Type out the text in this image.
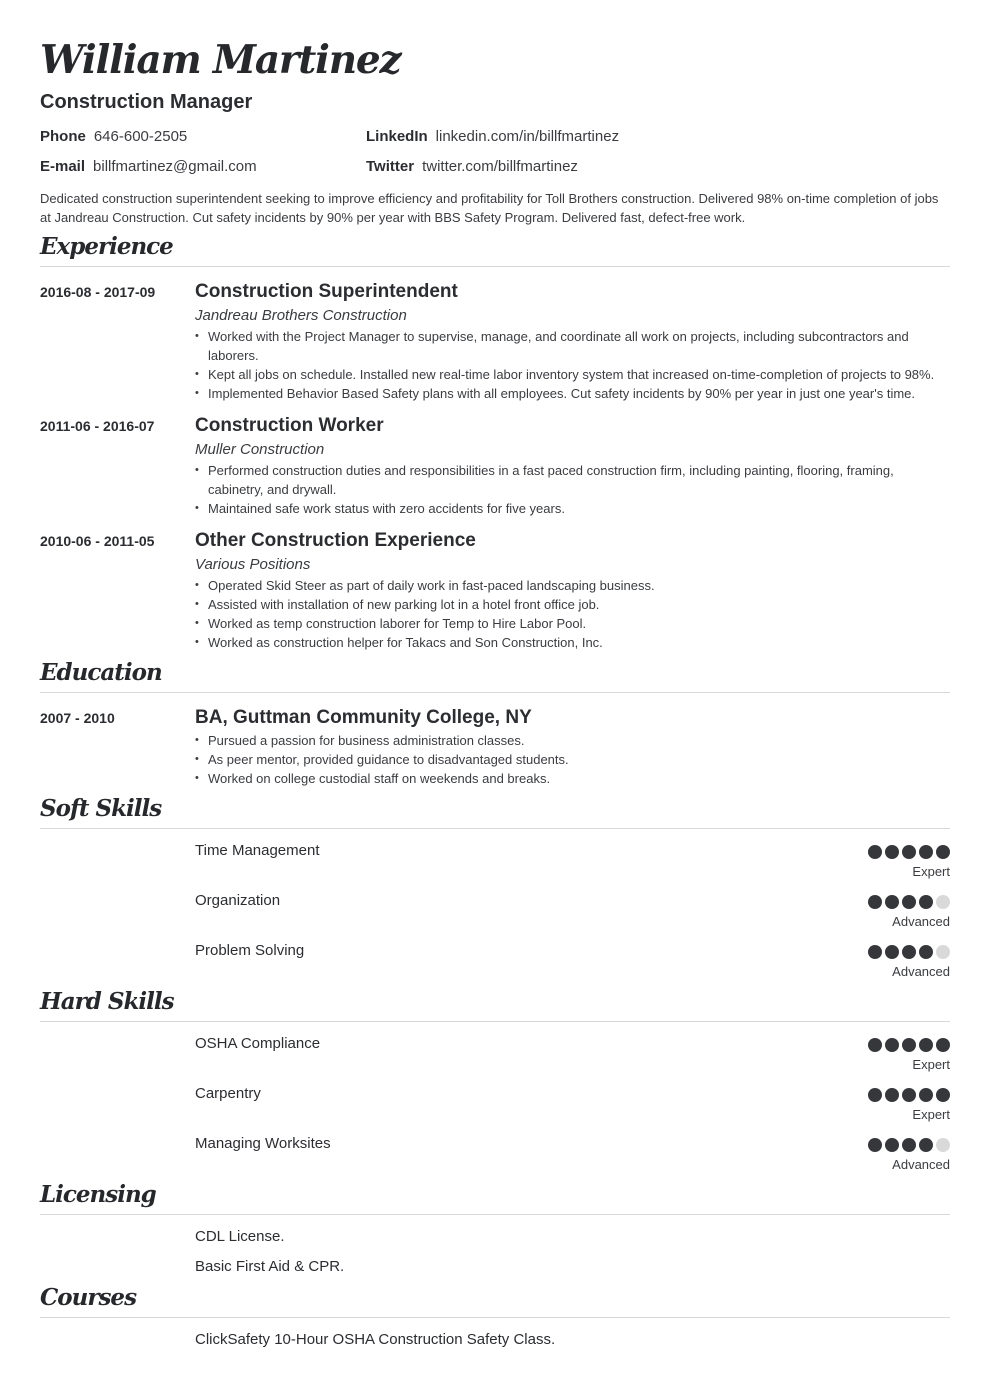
William Martinez
Construction Manager
Phone 646-600-2505
E-mail billfmartinez@gmail.com
LinkedIn linkedin.com/in/billfmartinez
Twitter twitter.com/billfmartinez
Dedicated construction superintendent seeking to improve efficiency and profitability for Toll Brothers construction. Delivered 98% on-time completion of jobs at Jandreau Construction. Cut safety incidents by 90% per year with BBS Safety Program. Delivered fast, defect-free work.
Experience
2016-08 - 2017-09 Construction Superintendent
Jandreau Brothers Construction
• Worked with the Project Manager to supervise, manage, and coordinate all work on projects, including subcontractors and laborers.
• Kept all jobs on schedule. Installed new real-time labor inventory system that increased on-time-completion of projects to 98%.
• Implemented Behavior Based Safety plans with all employees. Cut safety incidents by 90% per year in just one year's time.
2011-06 - 2016-07 Construction Worker
Muller Construction
• Performed construction duties and responsibilities in a fast paced construction firm, including painting, flooring, framing, cabinetry, and drywall.
• Maintained safe work status with zero accidents for five years.
2010-06 - 2011-05 Other Construction Experience
Various Positions
• Operated Skid Steer as part of daily work in fast-paced landscaping business.
• Assisted with installation of new parking lot in a hotel front office job.
• Worked as temp construction laborer for Temp to Hire Labor Pool.
• Worked as construction helper for Takacs and Son Construction, Inc.
Education
2007 - 2010	BA, Guttman Community College, NY
• Pursued a passion for business administration classes.
• As peer mentor, provided guidance to disadvantaged students.
• Worked on college custodial staff on weekends and breaks.
Soft Skills
Time Management
Expert
Organization
Advanced
Problem Solving
Advanced
Hard Skills
OSHA Compliance
Expert
Carpentry
Expert
Managing Worksites
Advanced
Licensing
CDL License.
Basic First Aid & CPR.
Courses
ClickSafety 10-Hour OSHA Construction Safety Class.
